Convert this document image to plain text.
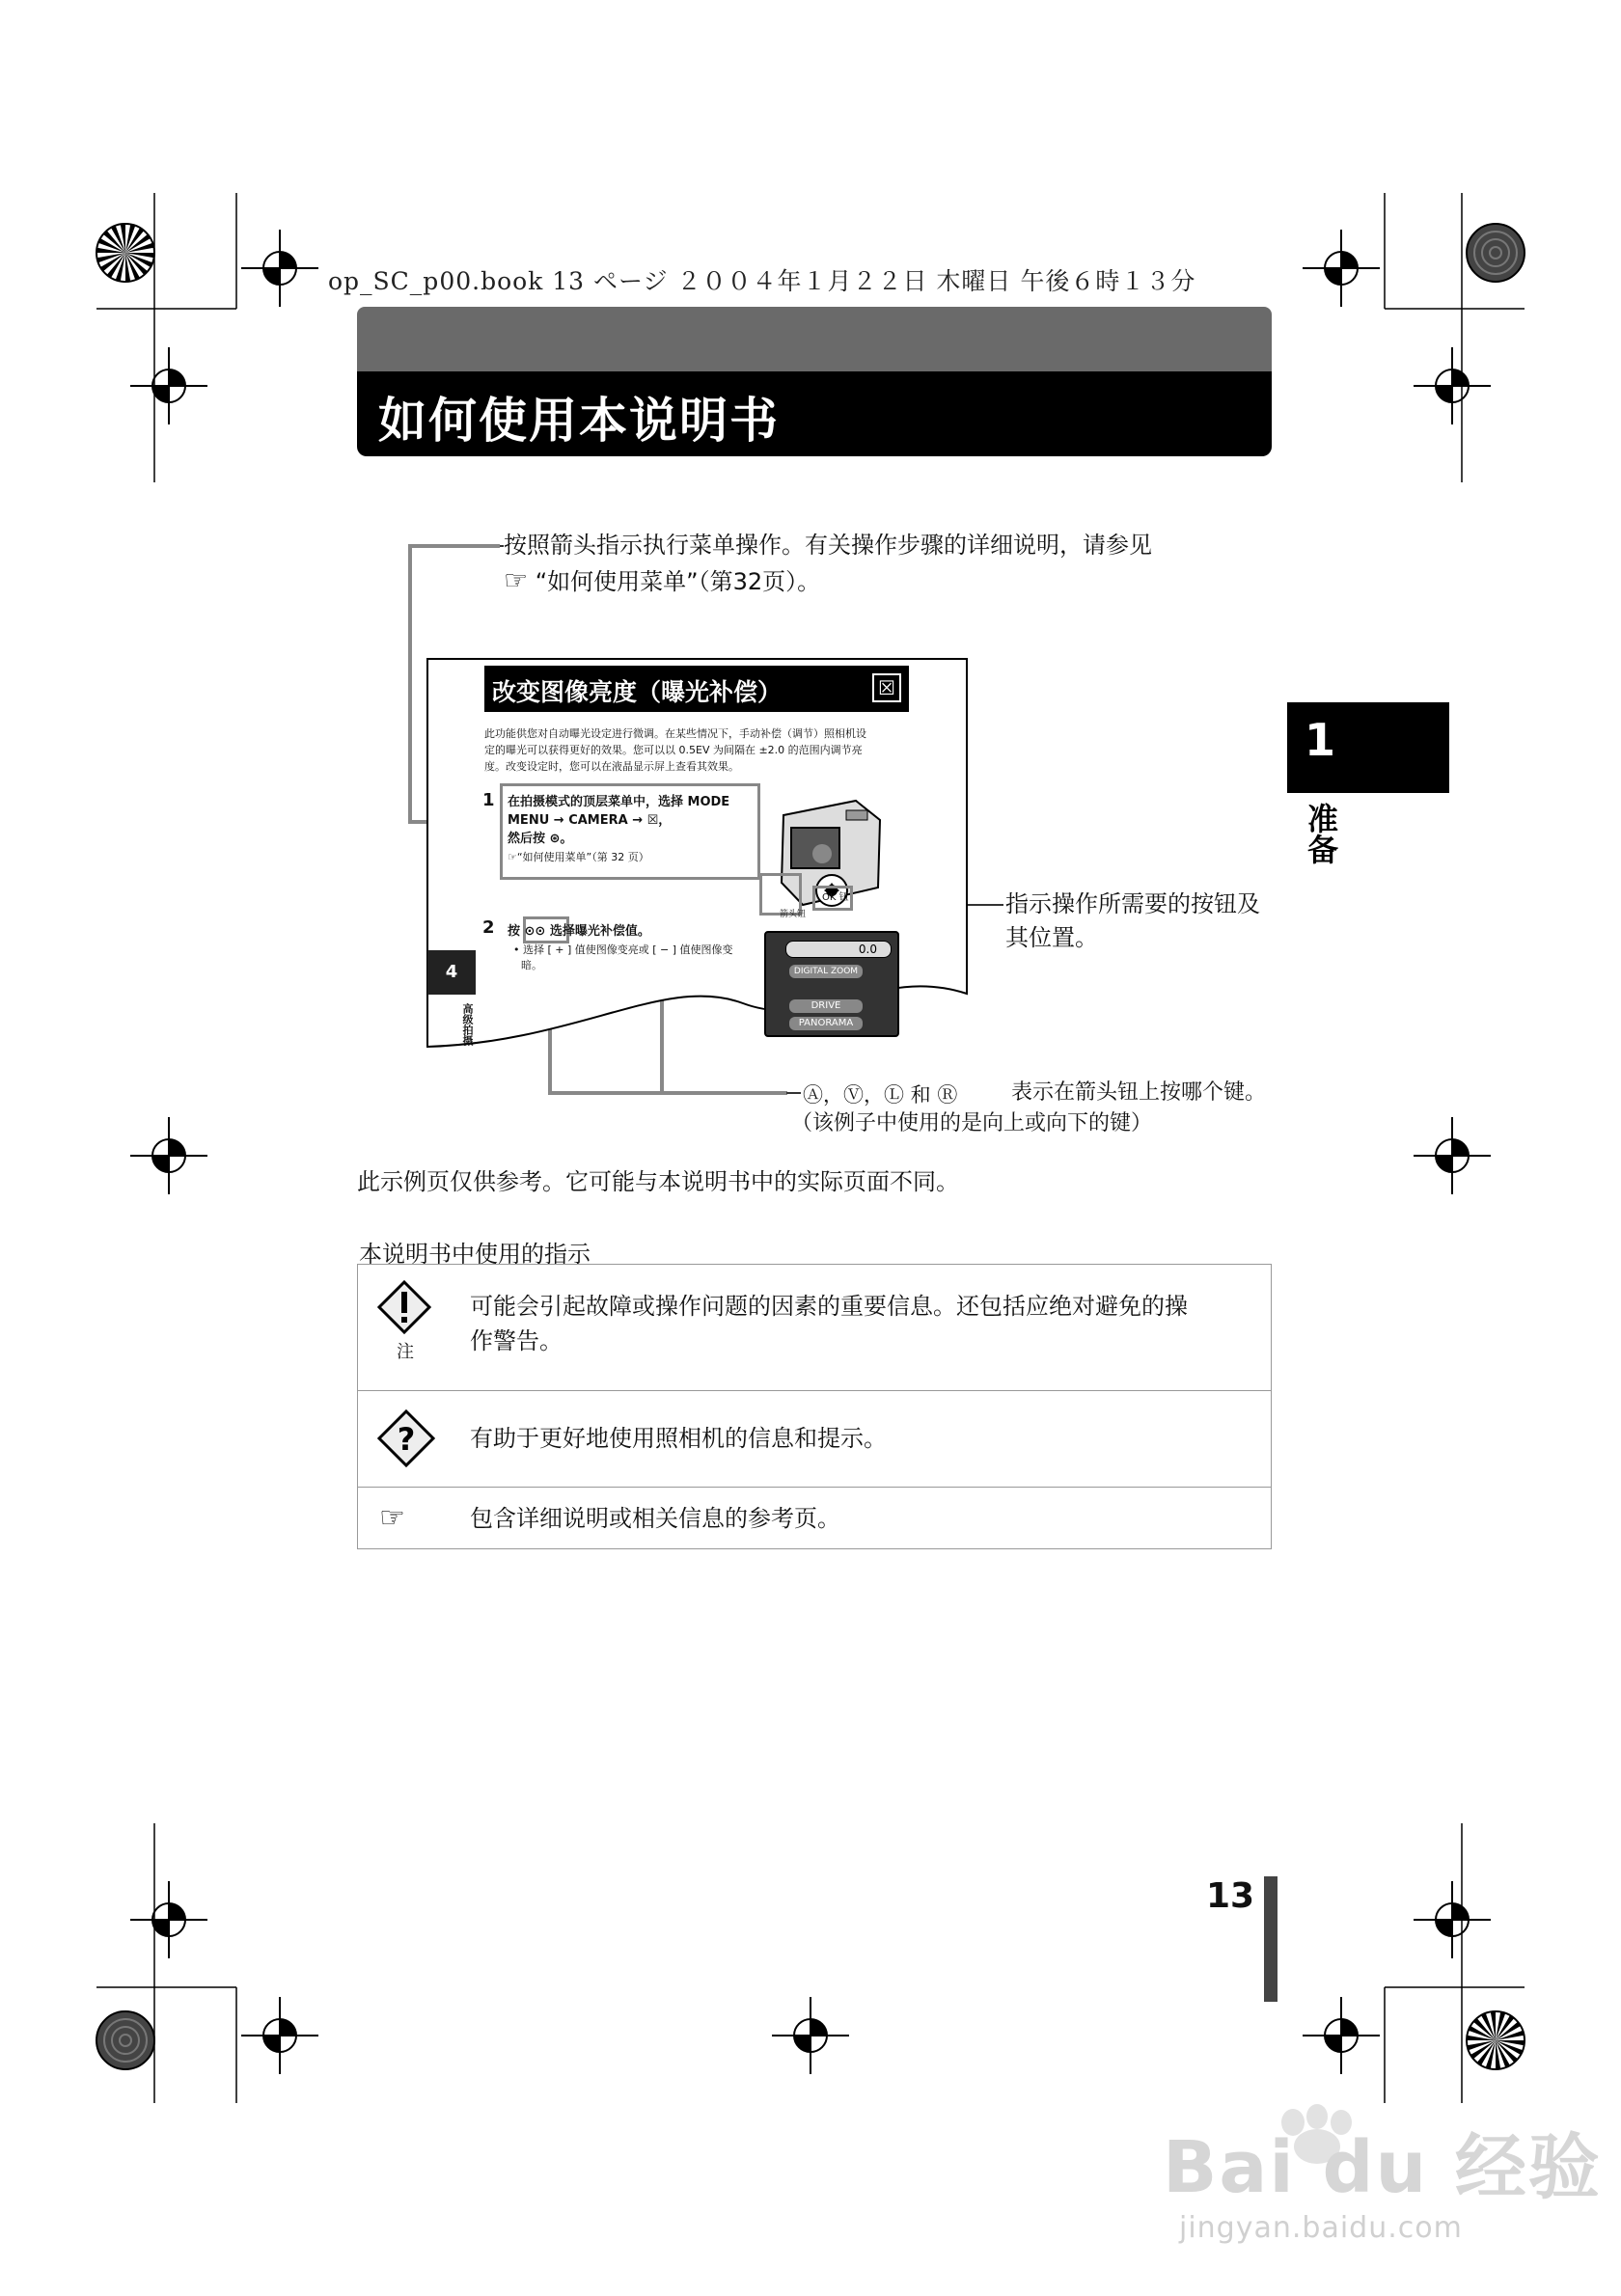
op_SC_p00.book 13 ページ ２００４年１月２２日 木曜日 午後６時１３分
如何使用本说明书
1
准备
按照箭头指示执行菜单操作。有关操作步骤的详细说明，请参见
☞ “如何使用菜单”（第32页）。
改变图像亮度（曝光补偿）	☒
此功能供您对自动曝光设定进行微调。在某些情况下，手动补偿（调节）照相机设
定的曝光可以获得更好的效果。您可以以 0.5EV 为间隔在 ±2.0 的范围内调节亮
度。改变设定时，您可以在液晶显示屏上查看其效果。
1 在拍摄模式的顶层菜单中，选择 MODE
MENU → CAMERA → ☒，
然后按 ⊛。
☞“如何使用菜单”（第 32 页）
OK 钮
箭头钮
2 按 ⊙⊙ 选择曝光补偿值。
• 选择 [ + ] 值使图像变亮或 [ − ] 值使图像变
暗。
0.0
DIGITAL ZOOM
DRIVE
PANORAMA
4
高级拍摄
指示操作所需要的按钮及
其位置。
Ⓐ，Ⓥ，Ⓛ 和 Ⓡ	表示在箭头钮上按哪个键。
（该例子中使用的是向上或向下的键）
此示例页仅供参考。它可能与本说明书中的实际页面不同。
本说明书中使用的指示
注
可能会引起故障或操作问题的因素的重要信息。还包括应绝对避免的操
作警告。
? 有助于更好地使用照相机的信息和提示。
☞	包含详细说明或相关信息的参考页。
13
Bai du 经验
jingyan.baidu.com
